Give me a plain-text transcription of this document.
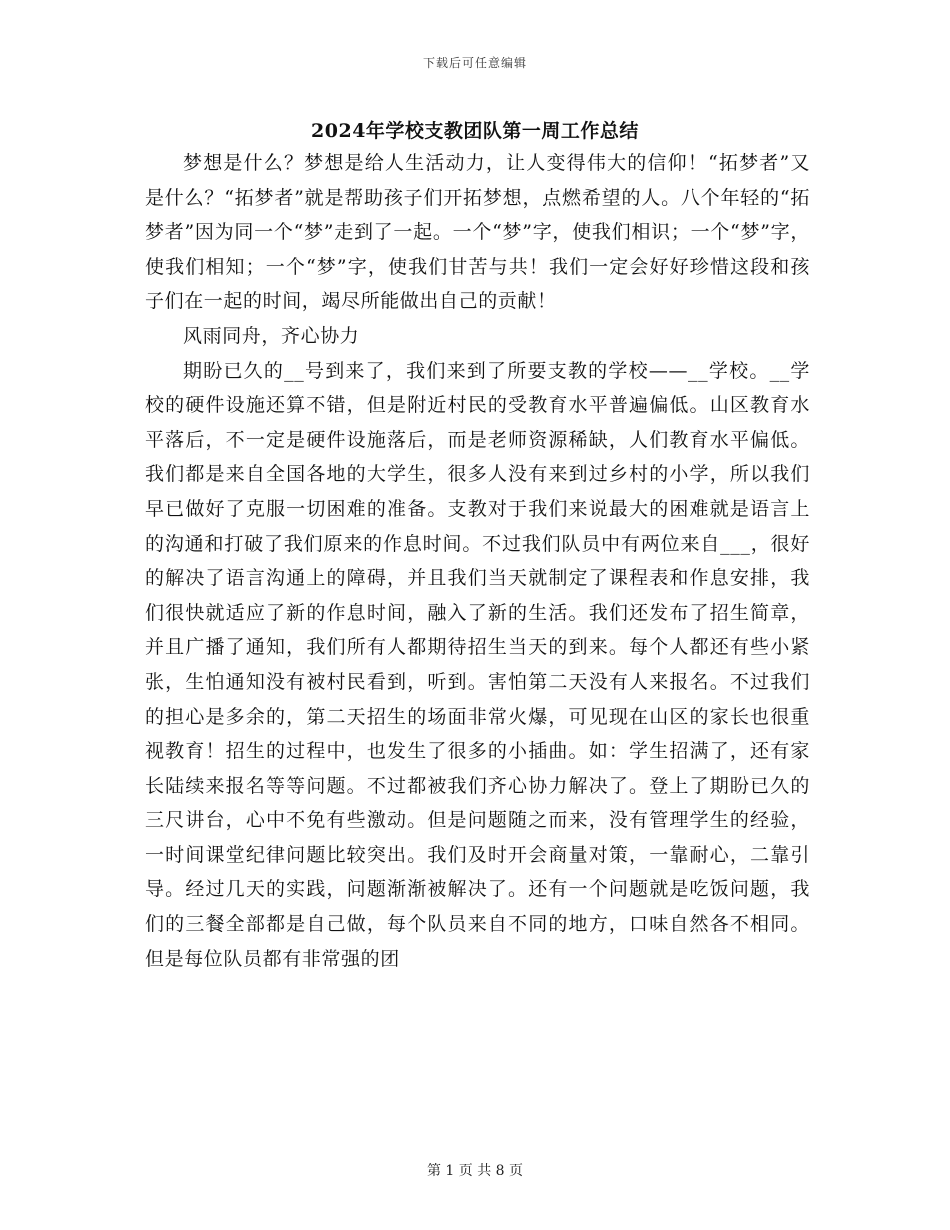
下载后可任意编辑
2024年学校支教团队第一周工作总结

梦想是什么？梦想是给人生活动力，让人变得伟大的信仰！“拓梦者”又是什么？“拓梦者”就是帮助孩子们开拓梦想，点燃希望的人。八个年轻的“拓梦者”因为同一个“梦”走到了一起。一个“梦”字，使我们相识；一个“梦”字，使我们相知；一个“梦”字，使我们甘苦与共！我们一定会好好珍惜这段和孩子们在一起的时间，竭尽所能做出自己的贡献！

风雨同舟，齐心协力

期盼已久的__号到来了，我们来到了所要支教的学校——__学校。__学校的硬件设施还算不错，但是附近村民的受教育水平普遍偏低。山区教育水平落后，不一定是硬件设施落后，而是老师资源稀缺，人们教育水平偏低。我们都是来自全国各地的大学生，很多人没有来到过乡村的小学，所以我们早已做好了克服一切困难的准备。支教对于我们来说最大的困难就是语言上的沟通和打破了我们原来的作息时间。不过我们队员中有两位来自___，很好的解决了语言沟通上的障碍，并且我们当天就制定了课程表和作息安排，我们很快就适应了新的作息时间，融入了新的生活。我们还发布了招生简章，并且广播了通知，我们所有人都期待招生当天的到来。每个人都还有些小紧张，生怕通知没有被村民看到，听到。害怕第二天没有人来报名。不过我们的担心是多余的，第二天招生的场面非常火爆，可见现在山区的家长也很重视教育！招生的过程中，也发生了很多的小插曲。如：学生招满了，还有家长陆续来报名等等问题。不过都被我们齐心协力解决了。登上了期盼已久的三尺讲台，心中不免有些激动。但是问题随之而来，没有管理学生的经验，一时间课堂纪律问题比较突出。我们及时开会商量对策，一靠耐心，二靠引导。经过几天的实践，问题渐渐被解决了。还有一个问题就是吃饭问题，我们的三餐全部都是自己做，每个队员来自不同的地方，口味自然各不相同。但是每位队员都有非常强的团

第 1 页 共 8 页
